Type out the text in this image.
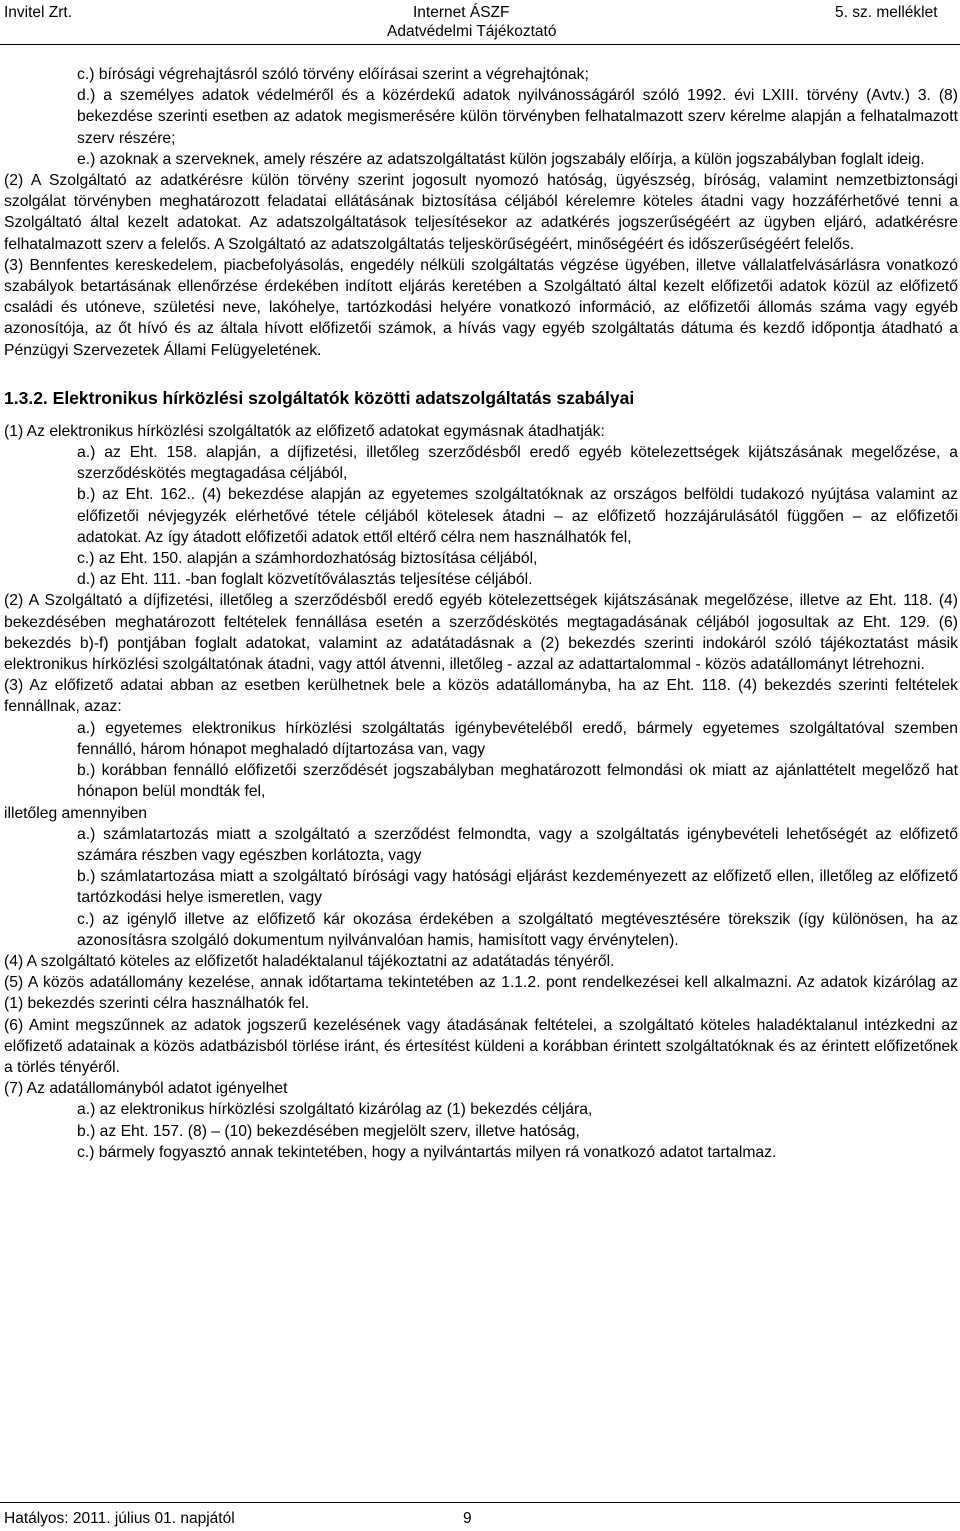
Invitel Zrt.	Internet ÁSZF	5. sz. melléklet
Adatvédelmi Tájékoztató

c.) bírósági végrehajtásról szóló törvény előírásai szerint a végrehajtónak;

d.) a személyes adatok védelméről és a közérdekű adatok nyilvánosságáról szóló 1992. évi LXIII. törvény (Avtv.) 3. (8) bekezdése szerinti esetben az adatok megismerésére külön törvényben felhatalmazott szerv kérelme alapján a felhatalmazott szerv részére;

e.) azoknak a szerveknek, amely részére az adatszolgáltatást külön jogszabály előírja, a külön jogszabályban foglalt ideig.

(2) A Szolgáltató az adatkérésre külön törvény szerint jogosult nyomozó hatóság, ügyészség, bíróság, valamint nemzetbiztonsági szolgálat törvényben meghatározott feladatai ellátásának biztosítása céljából kérelemre köteles átadni vagy hozzáférhetővé tenni a Szolgáltató által kezelt adatokat. Az adatszolgáltatások teljesítésekor az adatkérés jogszerűségéért az ügyben eljáró, adatkérésre felhatalmazott szerv a felelős. A Szolgáltató az adatszolgáltatás teljeskörűségéért, minőségéért és időszerűségéért felelős.

(3) Bennfentes kereskedelem, piacbefolyásolás, engedély nélküli szolgáltatás végzése ügyében, illetve vállalatfelvásárlásra vonatkozó szabályok betartásának ellenőrzése érdekében indított eljárás keretében a Szolgáltató által kezelt előfizetői adatok közül az előfizető családi és utóneve, születési neve, lakóhelye, tartózkodási helyére vonatkozó információ, az előfizetői állomás száma vagy egyéb azonosítója, az őt hívó és az általa hívott előfizetői számok, a hívás vagy egyéb szolgáltatás dátuma és kezdő időpontja átadható a Pénzügyi Szervezetek Állami Felügyeletének.

1.3.2. Elektronikus hírközlési szolgáltatók közötti adatszolgáltatás szabályai

(1) Az elektronikus hírközlési szolgáltatók az előfizető adatokat egymásnak átadhatják:

a.) az Eht. 158. alapján, a díjfizetési, illetőleg szerződésből eredő egyéb kötelezettségek kijátszásának megelőzése, a szerződéskötés megtagadása céljából,

b.) az Eht. 162.. (4) bekezdése alapján az egyetemes szolgáltatóknak az országos belföldi tudakozó nyújtása valamint az előfizetői névjegyzék elérhetővé tétele céljából kötelesek átadni – az előfizető hozzájárulásától függően – az előfizetői adatokat. Az így átadott előfizetői adatok ettől eltérő célra nem használhatók fel,

c.) az Eht. 150. alapján a számhordozhatóság biztosítása céljából,

d.) az Eht. 111. -ban foglalt közvetítőválasztás teljesítése céljából.

(2) A Szolgáltató a díjfizetési, illetőleg a szerződésből eredő egyéb kötelezettségek kijátszásának megelőzése, illetve az Eht. 118. (4) bekezdésében meghatározott feltételek fennállása esetén a szerződéskötés megtagadásának céljából jogosultak az Eht. 129. (6) bekezdés b)-f) pontjában foglalt adatokat, valamint az adatátadásnak a (2) bekezdés szerinti indokáról szóló tájékoztatást másik elektronikus hírközlési szolgáltatónak átadni, vagy attól átvenni, illetőleg - azzal az adattartalommal - közös adatállományt létrehozni.

(3) Az előfizető adatai abban az esetben kerülhetnek bele a közös adatállományba, ha az Eht. 118. (4) bekezdés szerinti feltételek fennállnak, azaz:

a.) egyetemes elektronikus hírközlési szolgáltatás igénybevételéből eredő, bármely egyetemes szolgáltatóval szemben fennálló, három hónapot meghaladó díjtartozása van, vagy

b.) korábban fennálló előfizetői szerződését jogszabályban meghatározott felmondási ok miatt az ajánlattételt megelőző hat hónapon belül mondták fel,

illetőleg amennyiben

a.) számlatartozás miatt a szolgáltató a szerződést felmondta, vagy a szolgáltatás igénybevételi lehetőségét az előfizető számára részben vagy egészben korlátozta, vagy

b.) számlatartozása miatt a szolgáltató bírósági vagy hatósági eljárást kezdeményezett az előfizető ellen, illetőleg az előfizető tartózkodási helye ismeretlen, vagy

c.) az igénylő illetve az előfizető kár okozása érdekében a szolgáltató megtévesztésére törekszik (így különösen, ha az azonosításra szolgáló dokumentum nyilvánvalóan hamis, hamisított vagy érvénytelen).

(4) A szolgáltató köteles az előfizetőt haladéktalanul tájékoztatni az adatátadás tényéről.

(5) A közös adatállomány kezelése, annak időtartama tekintetében az 1.1.2. pont rendelkezései kell alkalmazni. Az adatok kizárólag az (1) bekezdés szerinti célra használhatók fel.

(6) Amint megszűnnek az adatok jogszerű kezelésének vagy átadásának feltételei, a szolgáltató köteles haladéktalanul intézkedni az előfizető adatainak a közös adatbázisból törlése iránt, és értesítést küldeni a korábban érintett szolgáltatóknak és az érintett előfizetőnek a törlés tényéről.

(7) Az adatállományból adatot igényelhet

a.) az elektronikus hírközlési szolgáltató kizárólag az (1) bekezdés céljára,

b.) az Eht. 157. (8) – (10) bekezdésében megjelölt szerv, illetve hatóság,

c.) bármely fogyasztó annak tekintetében, hogy a nyilvántartás milyen rá vonatkozó adatot tartalmaz.

Hatályos: 2011. július 01. napjától	9
